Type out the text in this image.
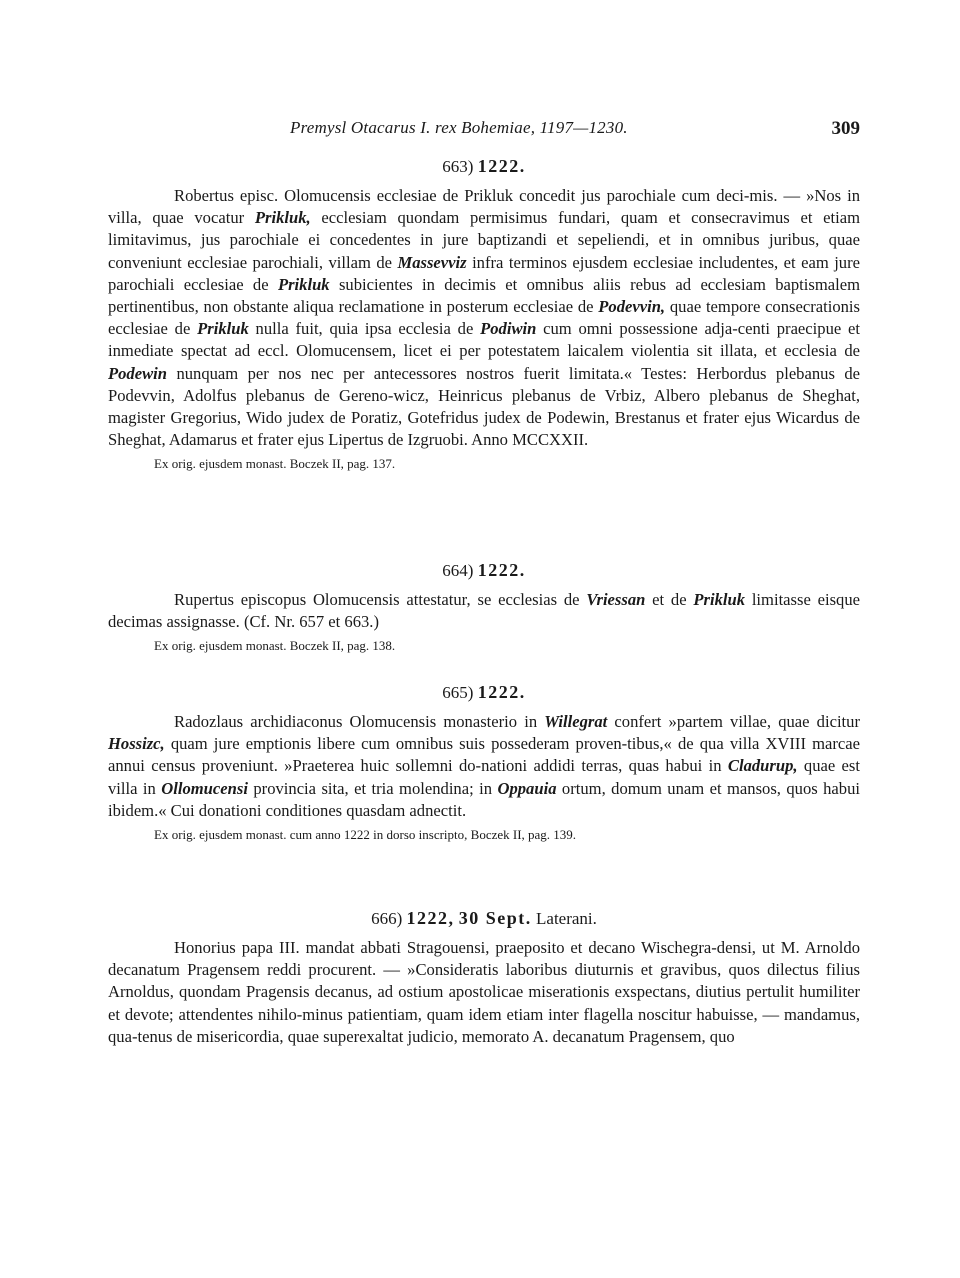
Premysl Otacarus I. rex Bohemiae, 1197—1230.	309
663) 1222.

Robertus episc. Olomucensis ecclesiae de Prikluk concedit jus parochiale cum deci-mis. — »Nos in villa, quae vocatur Prikluk, ecclesiam quondam permisimus fundari, quam et consecravimus et etiam limitavimus, jus parochiale ei concedentes in jure baptizandi et sepeliendi, et in omnibus juribus, quae conveniunt ecclesiae parochiali, villam de Massevviz infra terminos ejusdem ecclesiae includentes, et eam jure parochiali ecclesiae de Prikluk subicientes in decimis et omnibus aliis rebus ad ecclesiam baptismalem pertinentibus, non obstante aliqua reclamatione in posterum ecclesiae de Podevvin, quae tempore consecrationis ecclesiae de Prikluk nulla fuit, quia ipsa ecclesia de Podiwin cum omni possessione adja-centi praecipue et inmediate spectat ad eccl. Olomucensem, licet ei per potestatem laicalem violentia sit illata, et ecclesia de Podewin nunquam per nos nec per antecessores nostros fuerit limitata.« Testes: Herbordus plebanus de Podevvin, Adolfus plebanus de Gereno-wicz, Heinricus plebanus de Vrbiz, Albero plebanus de Sheghat, magister Gregorius, Wido judex de Poratiz, Gotefridus judex de Podewin, Brestanus et frater ejus Wicardus de Sheghat, Adamarus et frater ejus Lipertus de Izgruobi. Anno MCCXXII.

Ex orig. ejusdem monast. Boczek II, pag. 137.
664) 1222.

Rupertus episcopus Olomucensis attestatur, se ecclesias de Vriessan et de Prikluk limitasse eisque decimas assignasse. (Cf. Nr. 657 et 663.)

Ex orig. ejusdem monast. Boczek II, pag. 138.
665) 1222.

Radozlaus archidiaconus Olomucensis monasterio in Willegrat confert »partem villae, quae dicitur Hossizc, quam jure emptionis libere cum omnibus suis possederam proven-tibus,« de qua villa XVIII marcae annui census proveniunt. »Praeterea huic sollemni do-nationi addidi terras, quas habui in Cladurup, quae est villa in Ollomucensi provincia sita, et tria molendina; in Oppauia ortum, domum unam et mansos, quos habui ibidem.« Cui donationi conditiones quasdam adnectit.

Ex orig. ejusdem monast. cum anno 1222 in dorso inscripto, Boczek II, pag. 139.
666) 1222, 30 Sept. Laterani.

Honorius papa III. mandat abbati Stragouensi, praeposito et decano Wischegra-densi, ut M. Arnoldo decanatum Pragensem reddi procurent. — »Consideratis laboribus diuturnis et gravibus, quos dilectus filius Arnoldus, quondam Pragensis decanus, ad ostium apostolicae miserationis exspectans, diutius pertulit humiliter et devote; attendentes nihilo-minus patientiam, quam idem etiam inter flagella noscitur habuisse, — mandamus, qua-tenus de misericordia, quae superexaltat judicio, memorato A. decanatum Pragensem, quo
